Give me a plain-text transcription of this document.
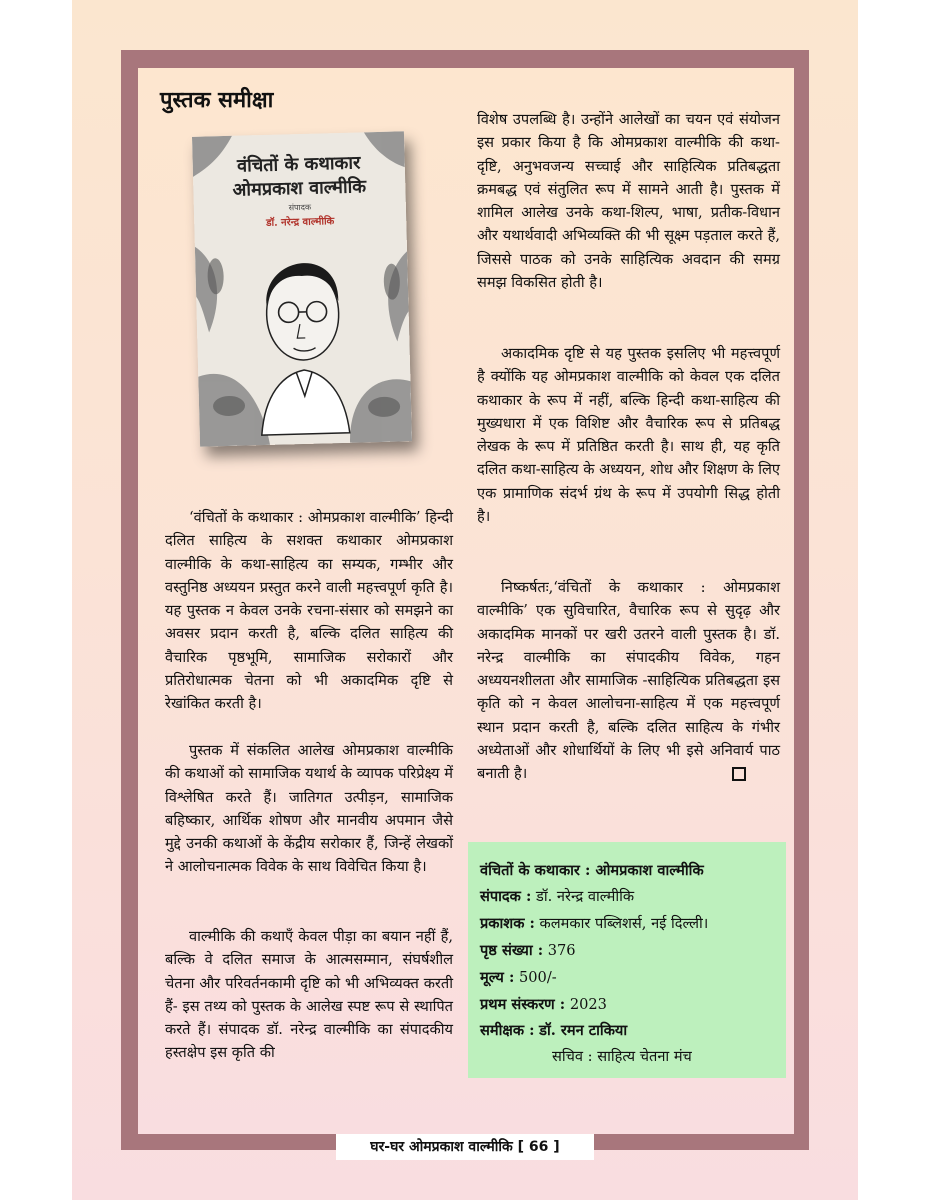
पुस्तक समीक्षा
वंचितों के कथाकार
ओमप्रकाश वाल्मीकि
संपादक
डॉ. नरेन्द्र वाल्मीकि

‘वंचितों के कथाकार : ओमप्रकाश वाल्मीकि’ हिन्दी दलित साहित्य के सशक्त कथाकार ओमप्रकाश वाल्मीकि के कथा-साहित्य का सम्यक, गम्भीर और वस्तुनिष्ठ अध्ययन प्रस्तुत करने वाली महत्त्वपूर्ण कृति है। यह पुस्तक न केवल उनके रचना-संसार को समझने का अवसर प्रदान करती है, बल्कि दलित साहित्य की वैचारिक पृष्ठभूमि, सामाजिक सरोकारों और प्रतिरोधात्मक चेतना को भी अकादमिक दृष्टि से रेखांकित करती है।

पुस्तक में संकलित आलेख ओमप्रकाश वाल्मीकि की कथाओं को सामाजिक यथार्थ के व्यापक परिप्रेक्ष्य में विश्लेषित करते हैं। जातिगत उत्पीड़न, सामाजिक बहिष्कार, आर्थिक शोषण और मानवीय अपमान जैसे मुद्दे उनकी कथाओं के केंद्रीय सरोकार हैं, जिन्हें लेखकों ने आलोचनात्मक विवेक के साथ विवेचित किया है।

वाल्मीकि की कथाएँ केवल पीड़ा का बयान नहीं हैं, बल्कि वे दलित समाज के आत्मसम्मान, संघर्षशील चेतना और परिवर्तनकामी दृष्टि को भी अभिव्यक्त करती हैं- इस तथ्य को पुस्तक के आलेख स्पष्ट रूप से स्थापित करते हैं। संपादक डॉ. नरेन्द्र वाल्मीकि का संपादकीय हस्तक्षेप इस कृति की

विशेष उपलब्धि है। उन्होंने आलेखों का चयन एवं संयोजन इस प्रकार किया है कि ओमप्रकाश वाल्मीकि की कथा-दृष्टि, अनुभवजन्य सच्चाई और साहित्यिक प्रतिबद्धता क्रमबद्ध एवं संतुलित रूप में सामने आती है। पुस्तक में शामिल आलेख उनके कथा-शिल्प, भाषा, प्रतीक-विधान और यथार्थवादी अभिव्यक्ति की भी सूक्ष्म पड़ताल करते हैं, जिससे पाठक को उनके साहित्यिक अवदान की समग्र समझ विकसित होती है।

अकादमिक दृष्टि से यह पुस्तक इसलिए भी महत्त्वपूर्ण है क्योंकि यह ओमप्रकाश वाल्मीकि को केवल एक दलित कथाकार के रूप में नहीं, बल्कि हिन्दी कथा-साहित्य की मुख्यधारा में एक विशिष्ट और वैचारिक रूप से प्रतिबद्ध लेखक के रूप में प्रतिष्ठित करती है। साथ ही, यह कृति दलित कथा-साहित्य के अध्ययन, शोध और शिक्षण के लिए एक प्रामाणिक संदर्भ ग्रंथ के रूप में उपयोगी सिद्ध होती है।

निष्कर्षतः,‘वंचितों के कथाकार : ओमप्रकाश वाल्मीकि’ एक सुविचारित, वैचारिक रूप से सुदृढ़ और अकादमिक मानकों पर खरी उतरने वाली पुस्तक है। डॉ. नरेन्द्र वाल्मीकि का संपादकीय विवेक, गहन अध्ययनशीलता और सामाजिक -साहित्यिक प्रतिबद्धता इस कृति को न केवल आलोचना-साहित्य में एक महत्त्वपूर्ण स्थान प्रदान करती है, बल्कि दलित साहित्य के गंभीर अध्येताओं और शोधार्थियों के लिए भी इसे अनिवार्य पाठ बनाती है।
वंचितों के कथाकार : ओमप्रकाश वाल्मीकि
संपादक : डॉ. नरेन्द्र वाल्मीकि
प्रकाशक : कलमकार पब्लिशर्स, नई दिल्ली।
पृष्ठ संख्या : 376
मूल्य : 500/-
प्रथम संस्करण : 2023
समीक्षक : डॉ. रमन टाकिया
सचिव : साहित्य चेतना मंच
घर-घर ओमप्रकाश वाल्मीकि [ 66 ]
